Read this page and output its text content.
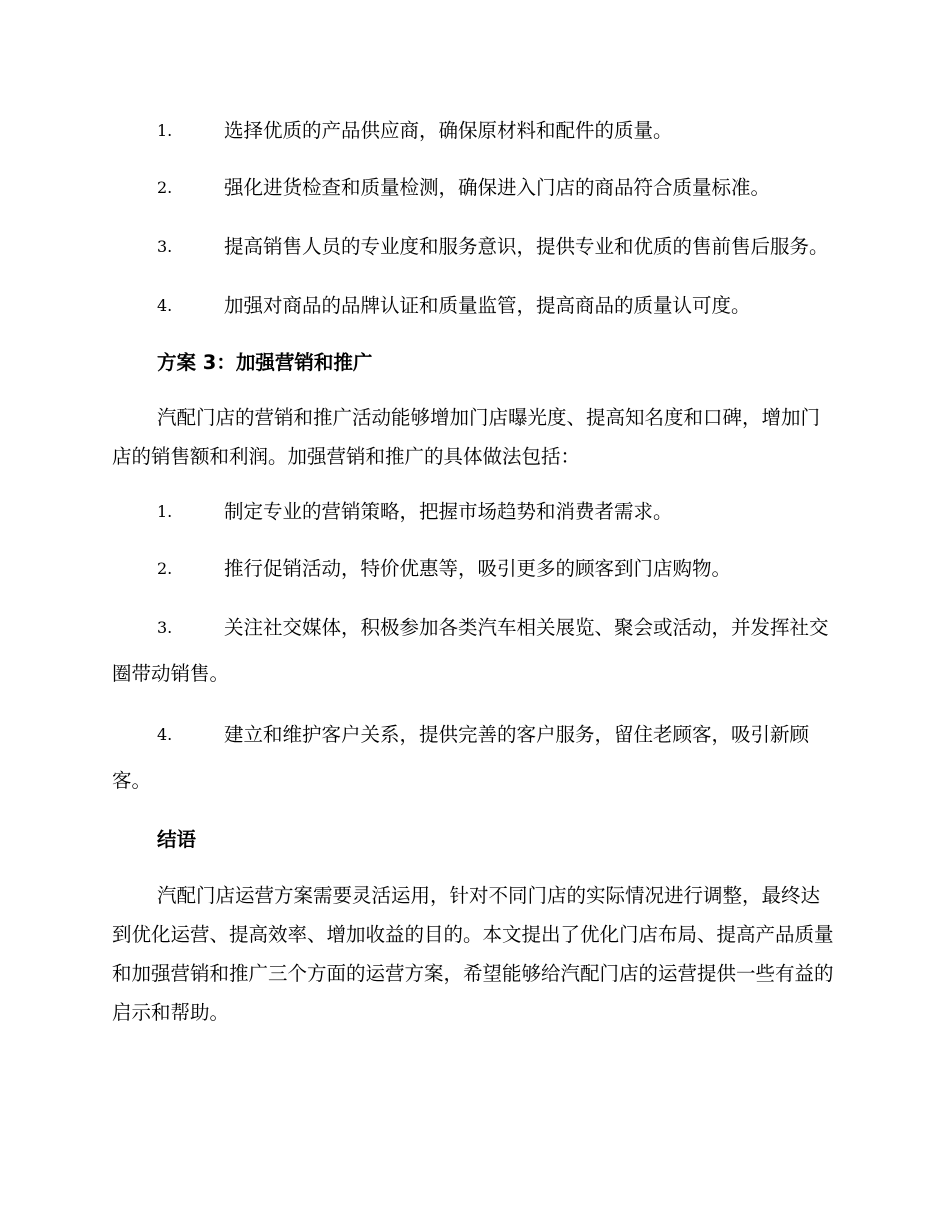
1.	选择优质的产品供应商，确保原材料和配件的质量。
2.	强化进货检查和质量检测，确保进入门店的商品符合质量标准。
3.	提高销售人员的专业度和服务意识，提供专业和优质的售前售后服务。
4.	加强对商品的品牌认证和质量监管，提高商品的质量认可度。
方案 3：加强营销和推广

汽配门店的营销和推广活动能够增加门店曝光度、提高知名度和口碑，增加门店的销售额和利润。加强营销和推广的具体做法包括：

1.	制定专业的营销策略，把握市场趋势和消费者需求。
2.	推行促销活动，特价优惠等，吸引更多的顾客到门店购物。
3.	关注社交媒体，积极参加各类汽车相关展览、聚会或活动，并发挥社交圈带动销售。
4.	建立和维护客户关系，提供完善的客户服务，留住老顾客，吸引新顾客。
结语

汽配门店运营方案需要灵活运用，针对不同门店的实际情况进行调整，最终达到优化运营、提高效率、增加收益的目的。本文提出了优化门店布局、提高产品质量和加强营销和推广三个方面的运营方案，希望能够给汽配门店的运营提供一些有益的启示和帮助。
